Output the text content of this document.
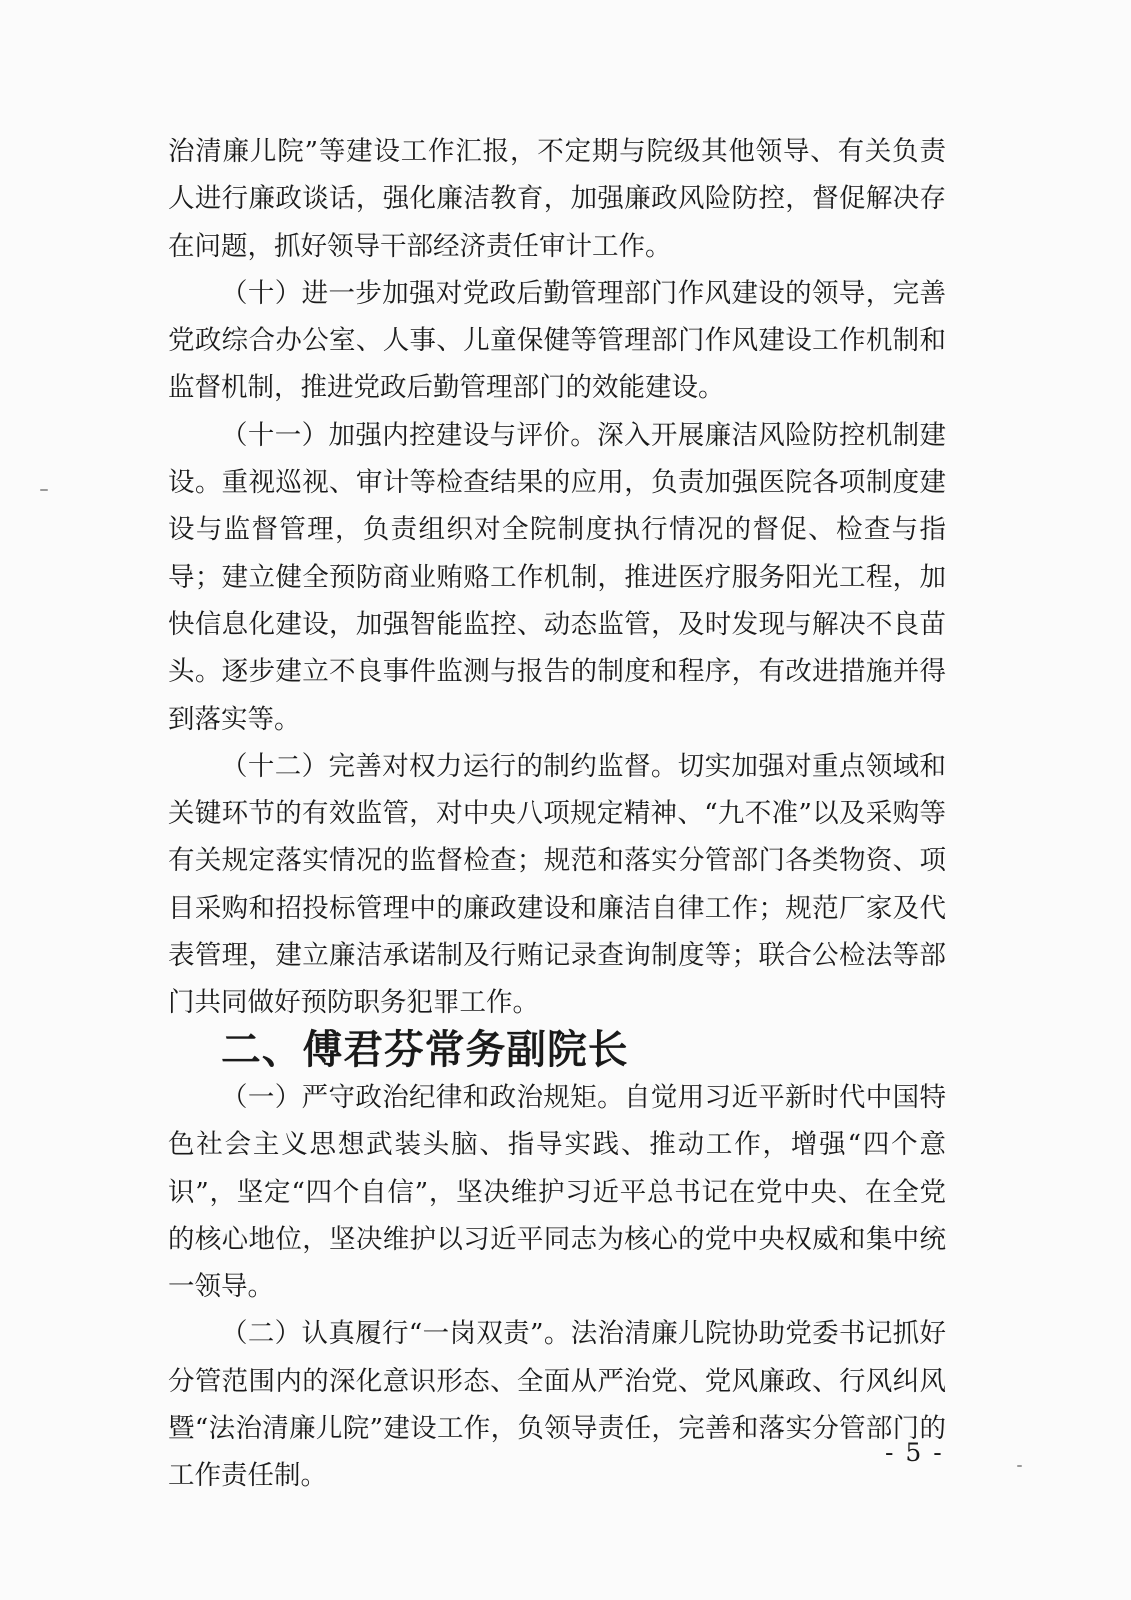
治清廉儿院”等建设工作汇报，不定期与院级其他领导、有关负责人进行廉政谈话，强化廉洁教育，加强廉政风险防控，督促解决存在问题，抓好领导干部经济责任审计工作。

（十）进一步加强对党政后勤管理部门作风建设的领导，完善党政综合办公室、人事、儿童保健等管理部门作风建设工作机制和监督机制，推进党政后勤管理部门的效能建设。

（十一）加强内控建设与评价。深入开展廉洁风险防控机制建设。重视巡视、审计等检查结果的应用，负责加强医院各项制度建设与监督管理，负责组织对全院制度执行情况的督促、检查与指导；建立健全预防商业贿赂工作机制，推进医疗服务阳光工程，加快信息化建设，加强智能监控、动态监管，及时发现与解决不良苗头。逐步建立不良事件监测与报告的制度和程序，有改进措施并得到落实等。

（十二）完善对权力运行的制约监督。切实加强对重点领域和关键环节的有效监管，对中央八项规定精神、“九不准”以及采购等有关规定落实情况的监督检查；规范和落实分管部门各类物资、项目采购和招投标管理中的廉政建设和廉洁自律工作；规范厂家及代表管理，建立廉洁承诺制及行贿记录查询制度等；联合公检法等部门共同做好预防职务犯罪工作。

二、傅君芬常务副院长

（一）严守政治纪律和政治规矩。自觉用习近平新时代中国特色社会主义思想武装头脑、指导实践、推动工作，增强“四个意识”，坚定“四个自信”，坚决维护习近平总书记在党中央、在全党的核心地位，坚决维护以习近平同志为核心的党中央权威和集中统一领导。

（二）认真履行“一岗双责”。法治清廉儿院协助党委书记抓好分管范围内的深化意识形态、全面从严治党、党风廉政、行风纠风暨“法治清廉儿院”建设工作，负领导责任，完善和落实分管部门的工作责任制。

- 5 -
